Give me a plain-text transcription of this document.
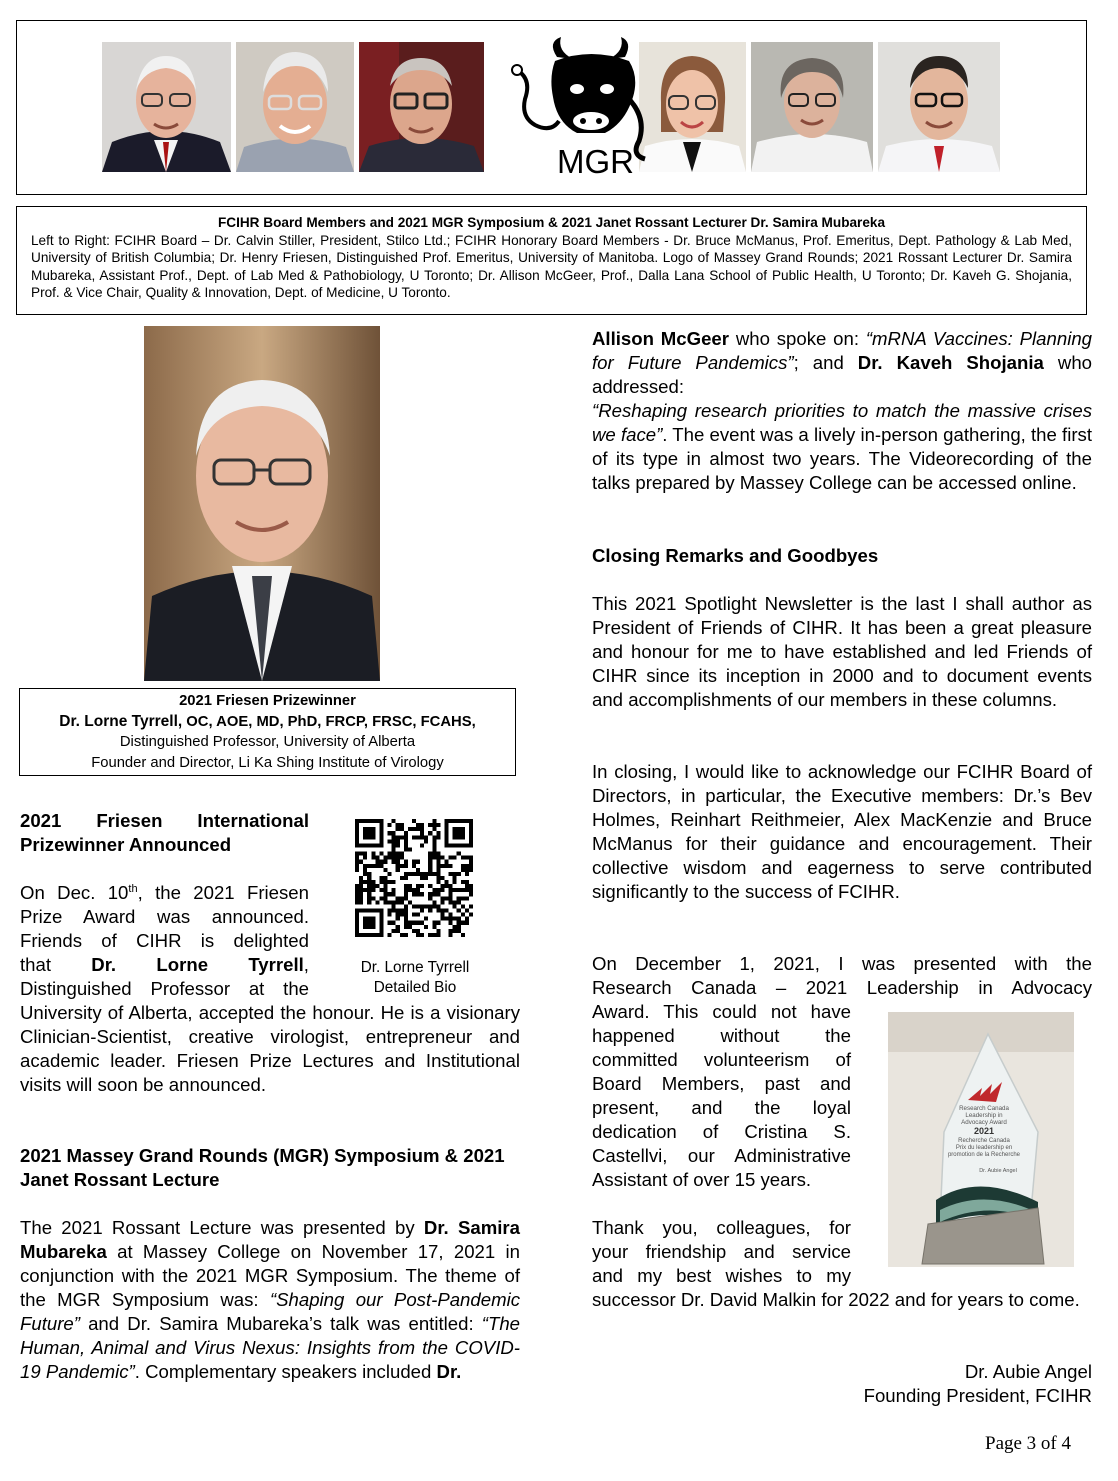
MGR
FCIHR Board Members and 2021 MGR Symposium & 2021 Janet Rossant Lecturer Dr. Samira Mubareka
Left to Right: FCIHR Board – Dr. Calvin Stiller, President, Stilco Ltd.; FCIHR Honorary Board Members - Dr. Bruce McManus, Prof. Emeritus, Dept. Pathology & Lab Med, University of British Columbia; Dr. Henry Friesen, Distinguished Prof. Emeritus, University of Manitoba. Logo of Massey Grand Rounds; 2021 Rossant Lecturer Dr. Samira Mubareka, Assistant Prof., Dept. of Lab Med & Pathobiology, U Toronto; Dr. Allison McGeer, Prof., Dalla Lana School of Public Health, U Toronto; Dr. Kaveh G. Shojania, Prof. & Vice Chair, Quality & Innovation, Dept. of Medicine, U Toronto.
2021 Friesen Prizewinner
Dr. Lorne Tyrrell, OC, AOE, MD, PhD, FRCP, FRSC, FCAHS,
Distinguished Professor, University of Alberta
Founder and Director, Li Ka Shing Institute of Virology
2021 Friesen International
Prizewinner Announced
On Dec. 10th, the 2021 Friesen
Prize Award was announced.
Friends of CIHR is delighted
that Dr. Lorne Tyrrell,
Distinguished Professor at the
University of Alberta, accepted the honour. He is a visionary Clinician-Scientist, creative virologist, entrepreneur and academic leader. Friesen Prize Lectures and Institutional visits will soon be announced.
Dr. Lorne Tyrrell
Detailed Bio
2021 Massey Grand Rounds (MGR) Symposium & 2021 Janet Rossant Lecture
The 2021 Rossant Lecture was presented by Dr. Samira Mubareka at Massey College on November 17, 2021 in conjunction with the 2021 MGR Symposium. The theme of the MGR Symposium was: “Shaping our Post-Pandemic Future” and Dr. Samira Mubareka’s talk was entitled: “The Human, Animal and Virus Nexus: Insights from the COVID-19 Pandemic”. Complementary speakers included Dr.
Allison McGeer who spoke on: “mRNA Vaccines: Planning for Future Pandemics”; and Dr. Kaveh Shojania who addressed:
“Reshaping research priorities to match the massive crises we face”. The event was a lively in-person gathering, the first of its type in almost two years. The Videorecording of the talks prepared by Massey College can be accessed online.
Closing Remarks and Goodbyes
This 2021 Spotlight Newsletter is the last I shall author as President of Friends of CIHR. It has been a great pleasure and honour for me to have established and led Friends of CIHR since its inception in 2000 and to document events and accomplishments of our members in these columns.
In closing, I would like to acknowledge our FCIHR Board of Directors, in particular, the Executive members: Dr.’s Bev Holmes, Reinhart Reithmeier, Alex MacKenzie and Bruce McManus for their guidance and encouragement. Their collective wisdom and eagerness to serve contributed significantly to the success of FCIHR.
On December 1, 2021, I was presented with the
Research Canada – 2021 Leadership in Advocacy
Award. This could not have
happened without the
committed volunteerism of
Board Members, past and
present, and the loyal
dedication of Cristina S.
Castellvi, our Administrative
Assistant of over 15 years.
Thank you, colleagues, for
your friendship and service
and my best wishes to my
successor Dr. David Malkin for 2022 and for years to come.
Dr. Aubie Angel
Founding President, FCIHR
Research Canada
Leadership in
Advocacy Award
2021
Recherche Canada
Prix du leadership en
promotion de la Recherche
Dr. Aubie Angel
Page 3 of 4
